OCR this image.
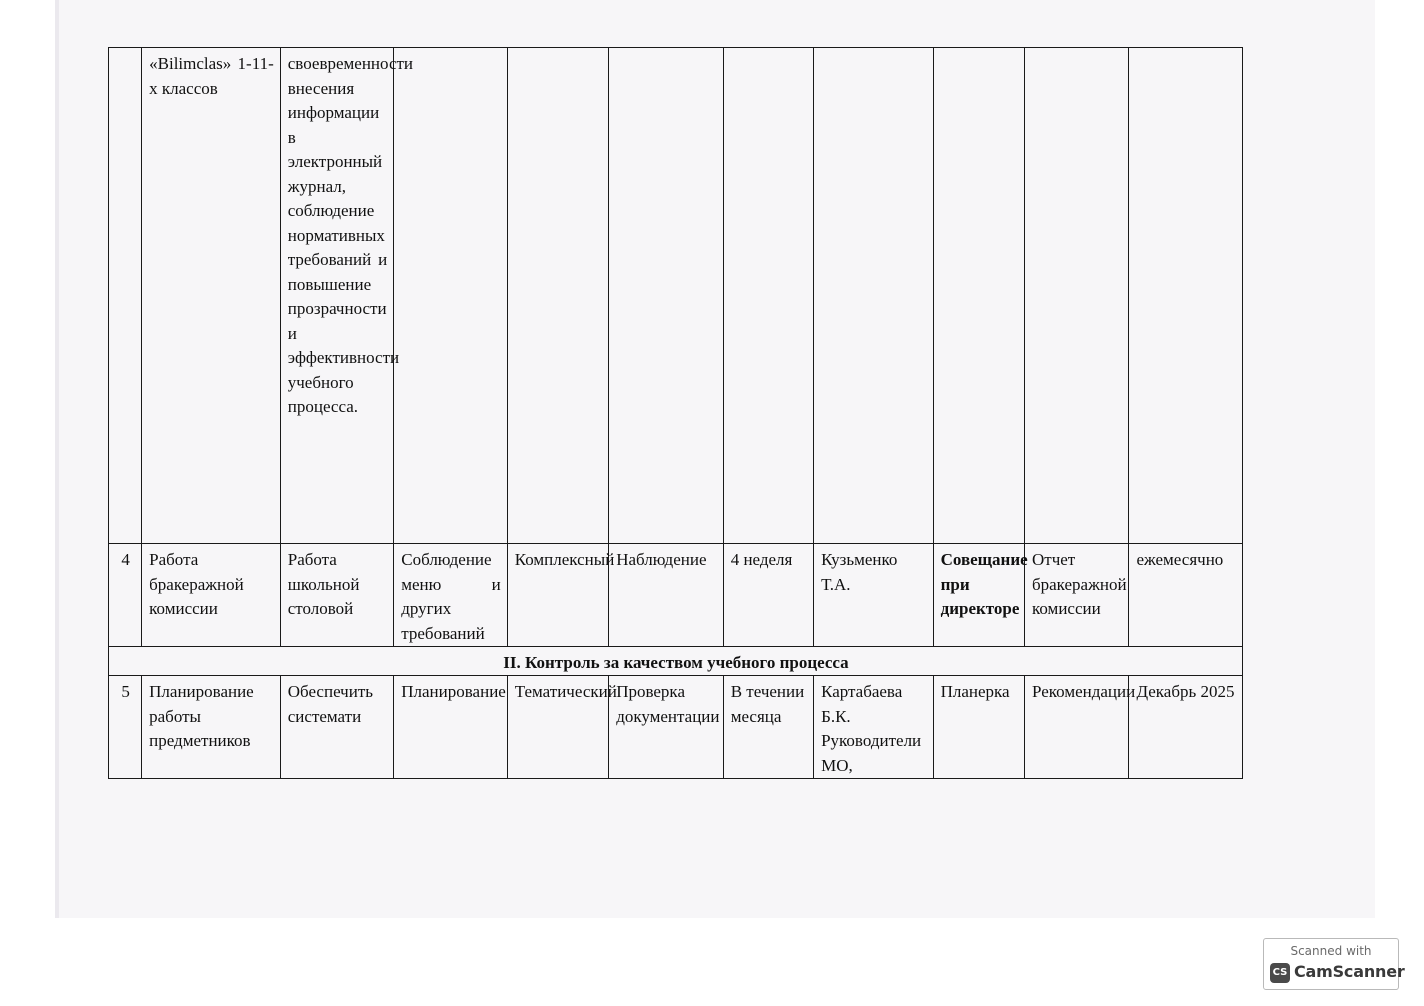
	«Bilimclas» 1-11-х классов	своевременности внесения информации в электронный журнал, соблюдение нормативных требований и повышение прозрачности и эффективности учебного процесса.								
4	Работа бракеражной комиссии	Работа школьной столовой	Соблюдение меню и других требований	Комплексный	Наблюдение	4 неделя	Кузьменко Т.А.	Совещание при директоре	Отчет бракеражной комиссии	ежемесячно
II. Контроль за качеством учебного процесса										
5	Планирование работы предметников	Обеспечить системати	Планирование	Тематический	Проверка документации	В течении месяца	Картабаева Б.К. Руководители МО,	Планерка	Рекомендации	Декабрь 2025
Scanned with
CS CamScanner
